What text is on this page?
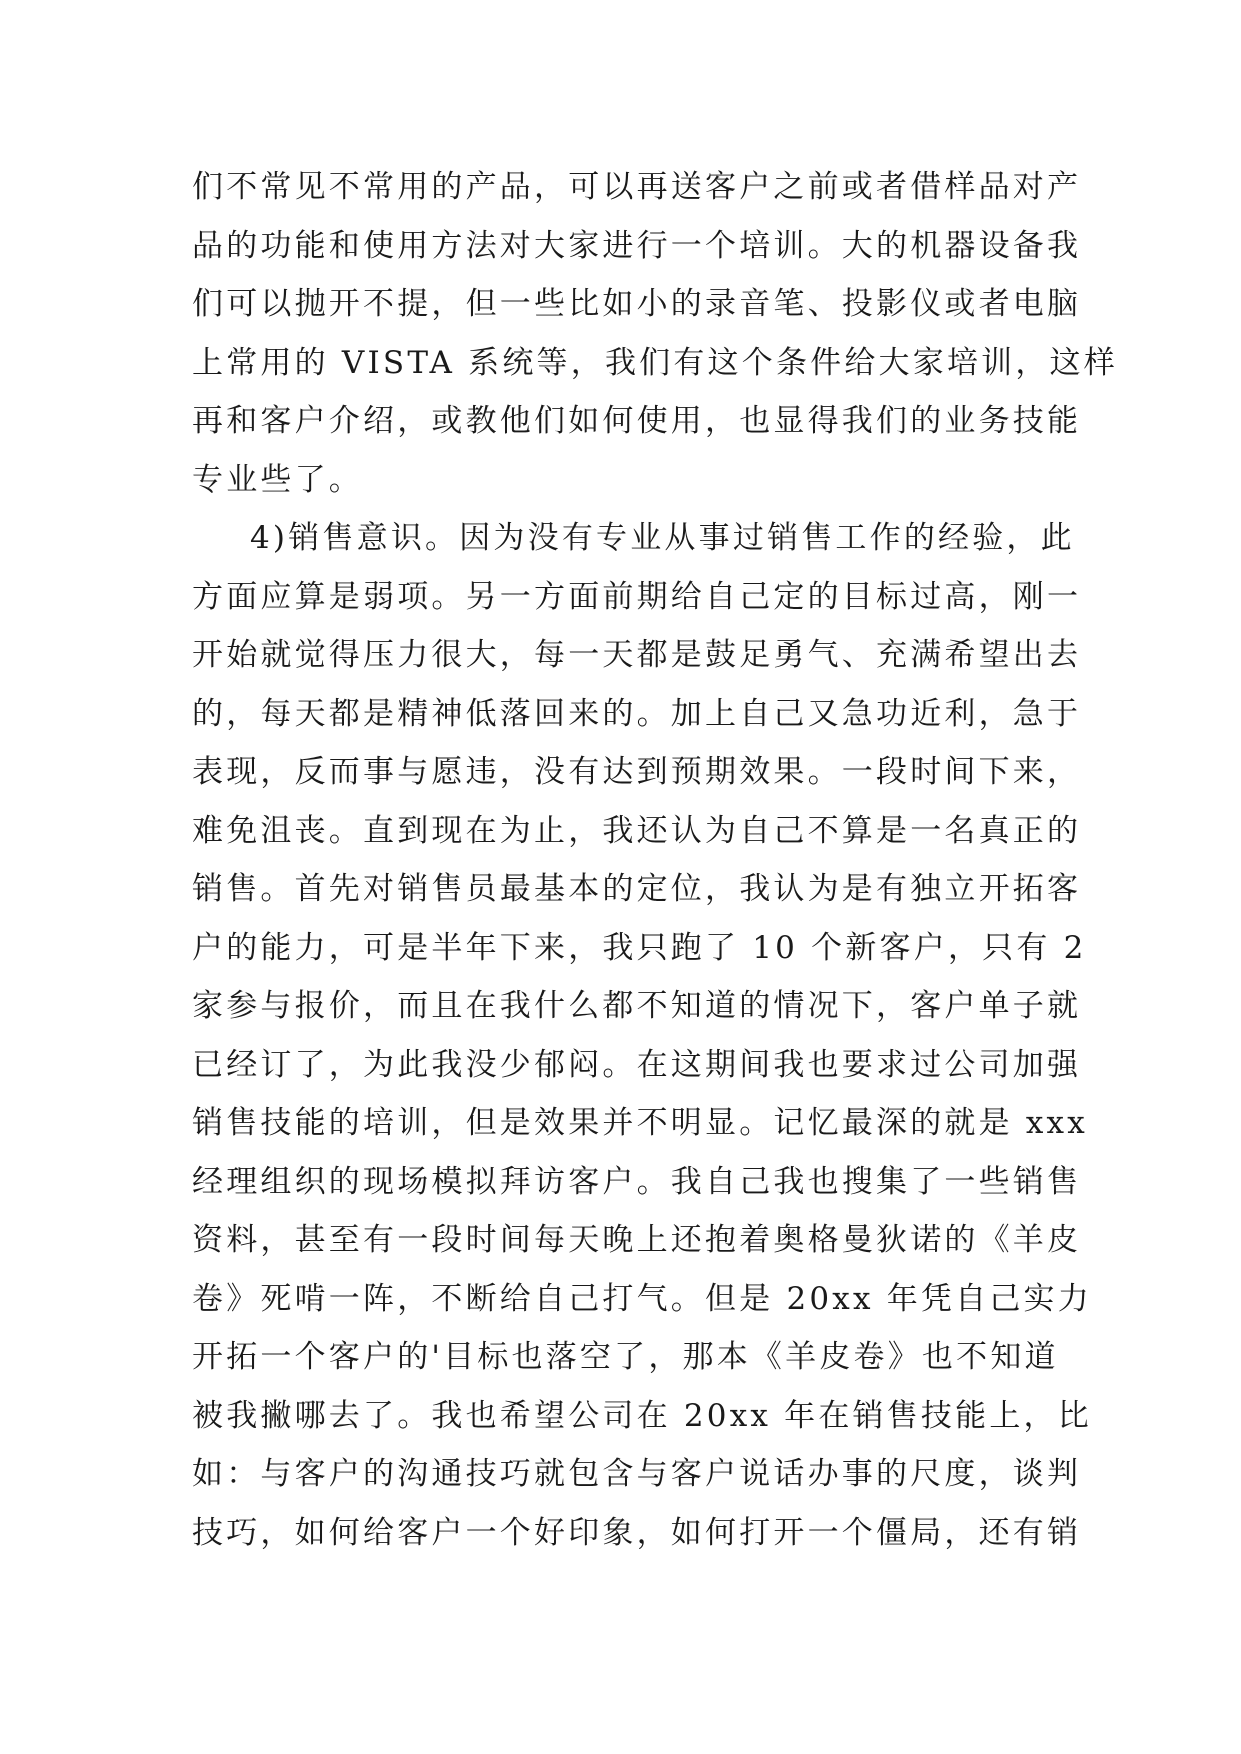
们不常见不常用的产品，可以再送客户之前或者借样品对产
品的功能和使用方法对大家进行一个培训。大的机器设备我
们可以抛开不提，但一些比如小的录音笔、投影仪或者电脑
上常用的 VISTA 系统等，我们有这个条件给大家培训，这样
再和客户介绍，或教他们如何使用，也显得我们的业务技能
专业些了。
4)销售意识。因为没有专业从事过销售工作的经验，此
方面应算是弱项。另一方面前期给自己定的目标过高，刚一
开始就觉得压力很大，每一天都是鼓足勇气、充满希望出去
的，每天都是精神低落回来的。加上自己又急功近利，急于
表现，反而事与愿违，没有达到预期效果。一段时间下来，
难免沮丧。直到现在为止，我还认为自己不算是一名真正的
销售。首先对销售员最基本的定位，我认为是有独立开拓客
户的能力，可是半年下来，我只跑了 10 个新客户，只有 2
家参与报价，而且在我什么都不知道的情况下，客户单子就
已经订了，为此我没少郁闷。在这期间我也要求过公司加强
销售技能的培训，但是效果并不明显。记忆最深的就是 xxx
经理组织的现场模拟拜访客户。我自己我也搜集了一些销售
资料，甚至有一段时间每天晚上还抱着奥格曼狄诺的《羊皮
卷》死啃一阵，不断给自己打气。但是 20xx 年凭自己实力
开拓一个客户的'目标也落空了，那本《羊皮卷》也不知道
被我撇哪去了。我也希望公司在 20xx 年在销售技能上，比
如：与客户的沟通技巧就包含与客户说话办事的尺度，谈判
技巧，如何给客户一个好印象，如何打开一个僵局，还有销
